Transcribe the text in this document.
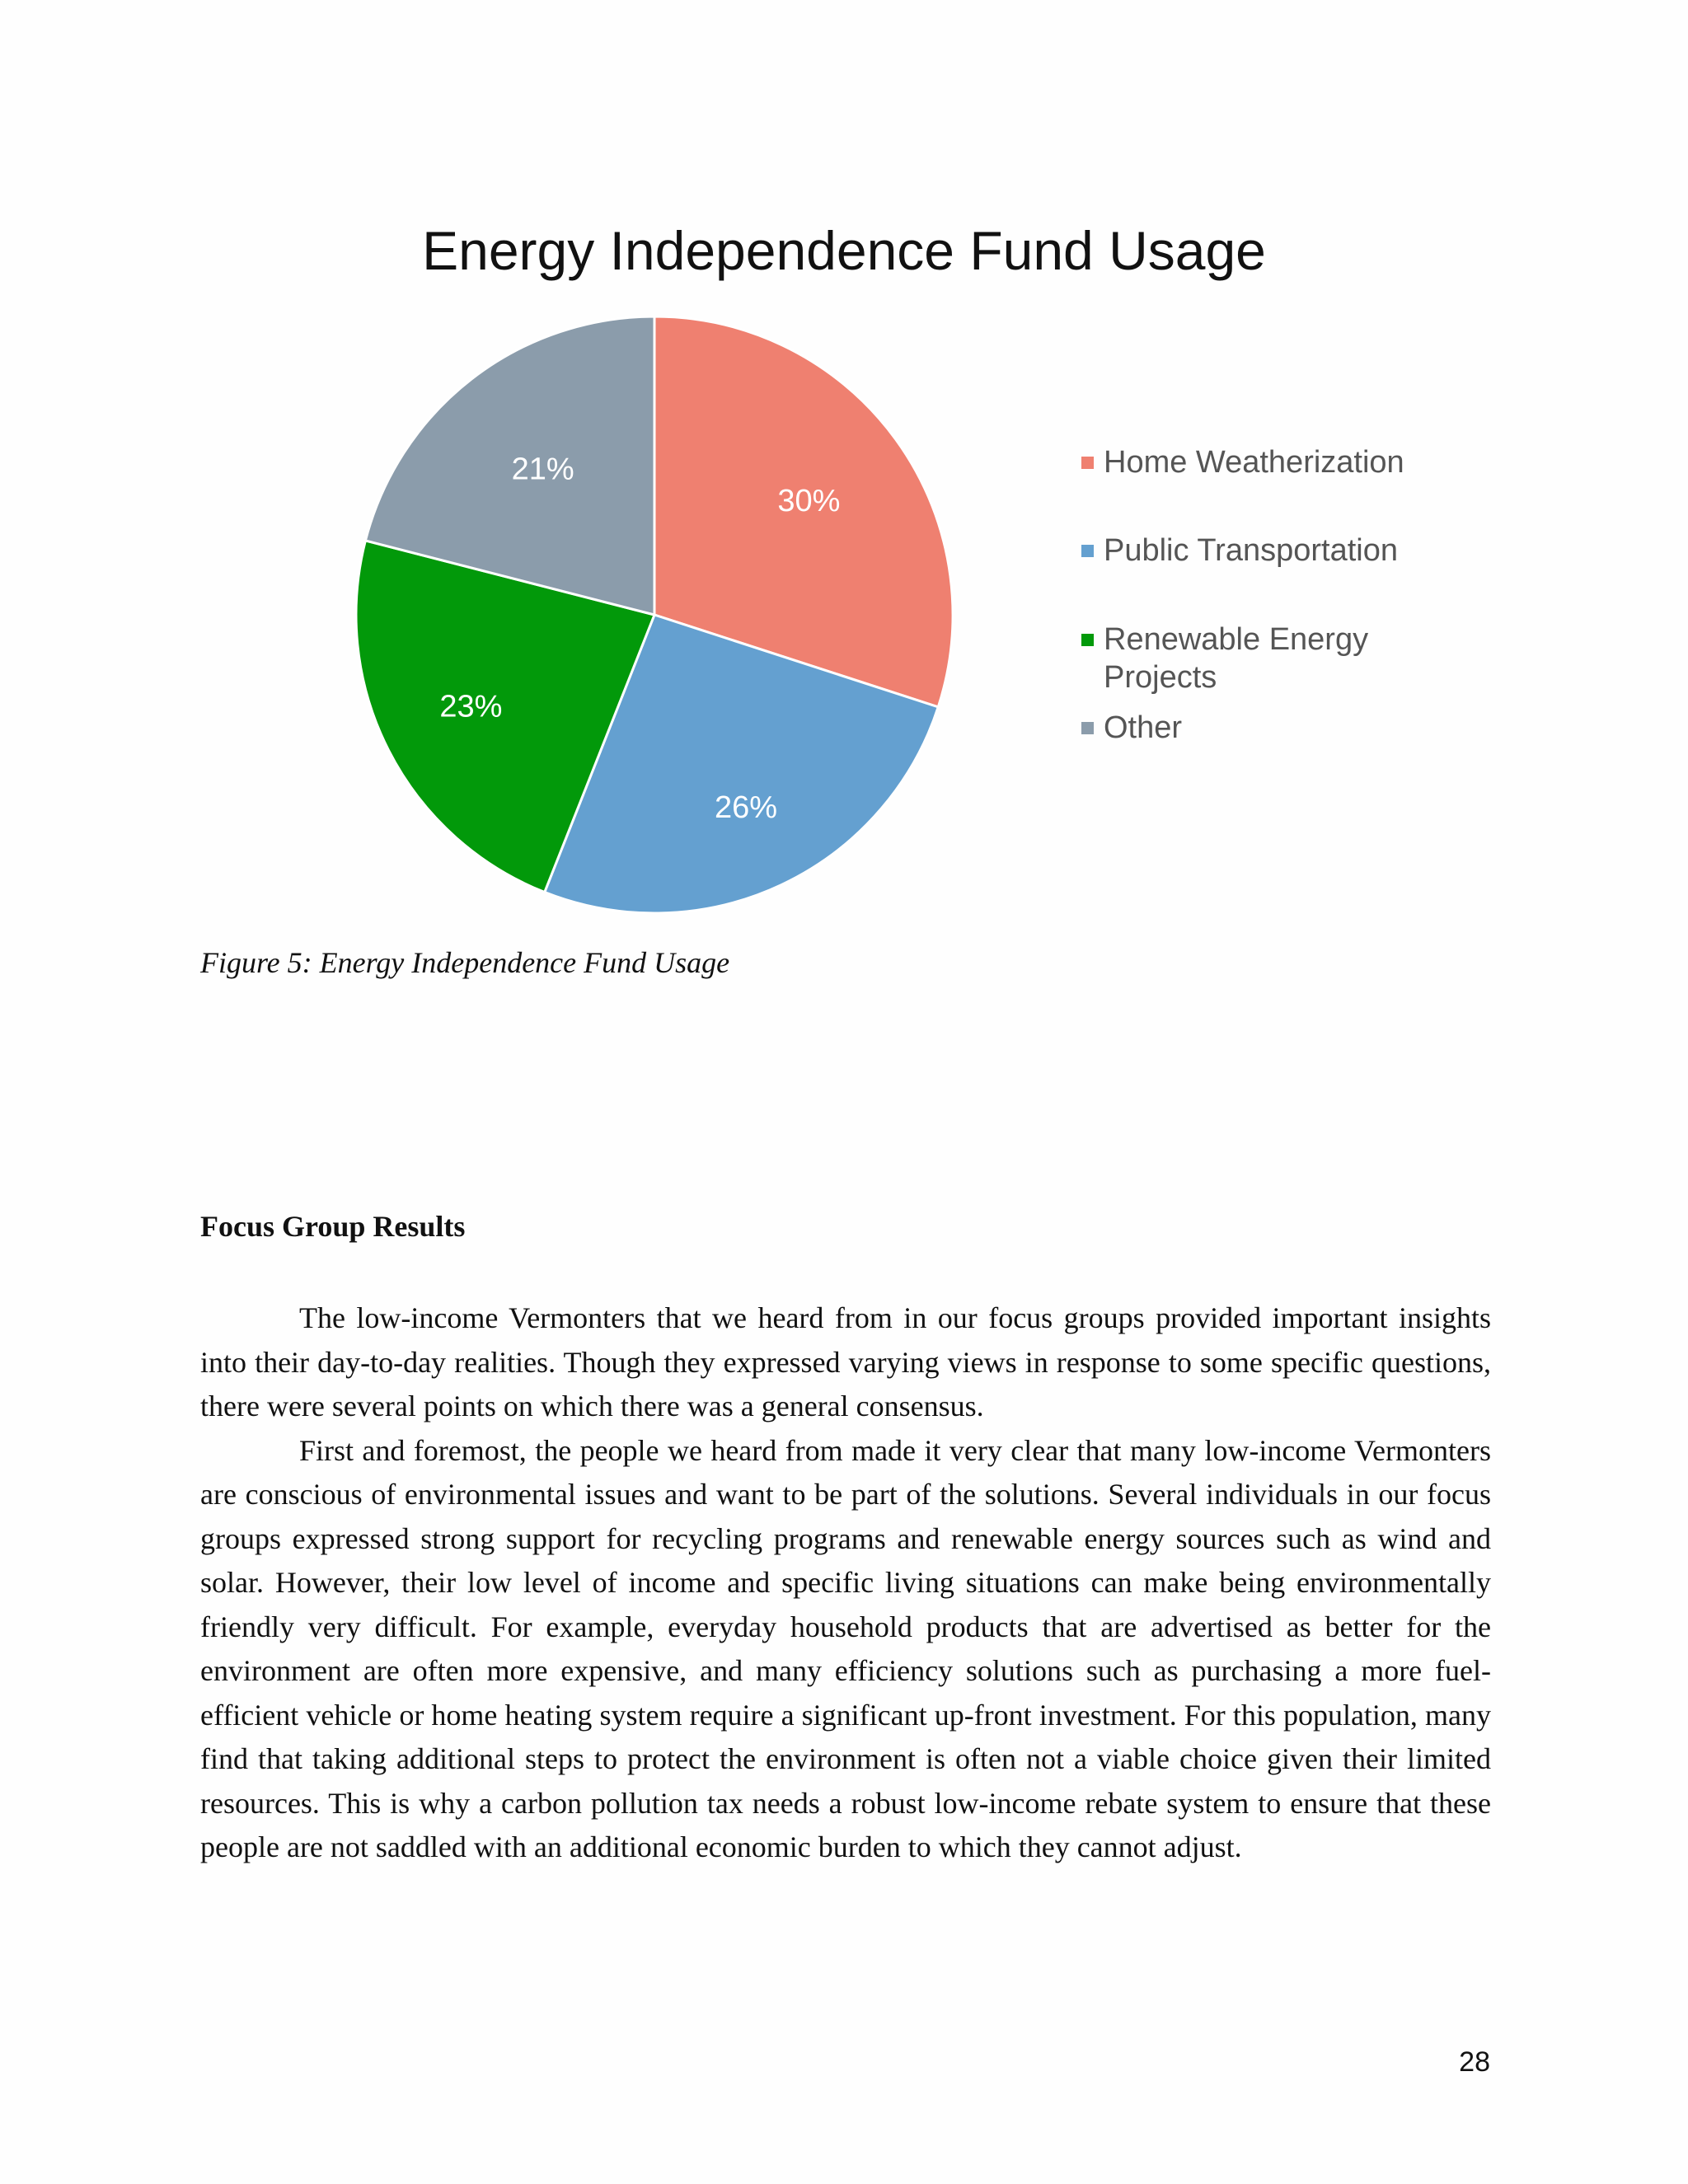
Energy Independence Fund Usage
30%
26%
23%
21%	Home Weatherization
Public Transportation
Renewable Energy Projects
Other
Figure 5: Energy Independence Fund Usage
Focus Group Results

The low-income Vermonters that we heard from in our focus groups provided important insights into their day-to-day realities. Though they expressed varying views in response to some specific questions, there were several points on which there was a general consensus.

First and foremost, the people we heard from made it very clear that many low-income Vermonters are conscious of environmental issues and want to be part of the solutions. Several individuals in our focus groups expressed strong support for recycling programs and renewable energy sources such as wind and solar. However, their low level of income and specific living situations can make being environmentally friendly very difficult. For example, everyday household products that are advertised as better for the environment are often more expensive, and many efficiency solutions such as purchasing a more fuel-efficient vehicle or home heating system require a significant up-front investment. For this population, many find that taking additional steps to protect the environment is often not a viable choice given their limited resources. This is why a carbon pollution tax needs a robust low-income rebate system to ensure that these people are not saddled with an additional economic burden to which they cannot adjust.

28
